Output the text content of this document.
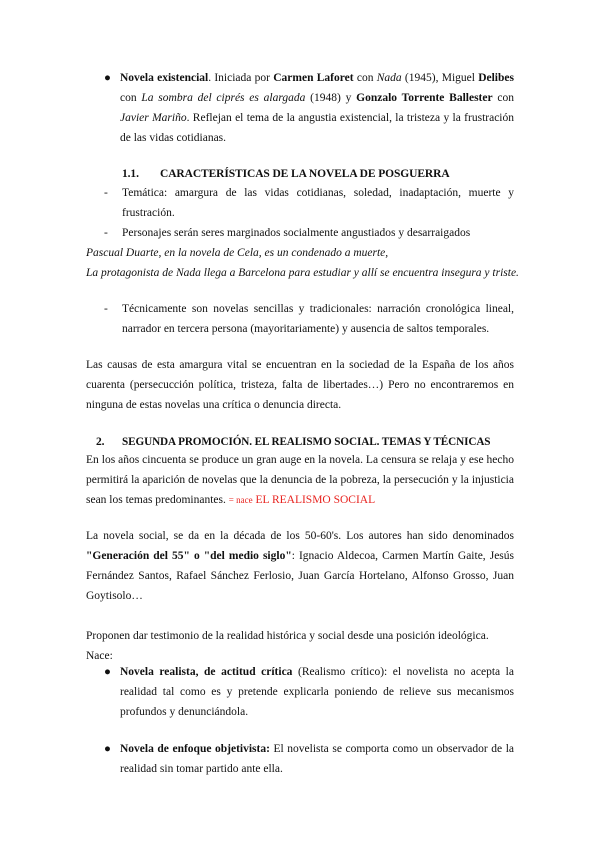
● Novela existencial. Iniciada por Carmen Laforet con Nada (1945), Miguel Delibes con La sombra del ciprés es alargada (1948) y Gonzalo Torrente Ballester con Javier Mariño. Reflejan el tema de la angustia existencial, la tristeza y la frustración de las vidas cotidianas.

1.1. CARACTERÍSTICAS DE LA NOVELA DE POSGUERRA
-	Temática: amargura de las vidas cotidianas, soledad, inadaptación, muerte y frustración.

-	Personajes serán seres marginados socialmente angustiados y desarraigados

Pascual Duarte, en la novela de Cela, es un condenado a muerte,

La protagonista de Nada llega a Barcelona para estudiar y allí se encuentra insegura y triste.

-	Técnicamente son novelas sencillas y tradicionales: narración cronológica lineal, narrador en tercera persona (mayoritariamente) y ausencia de saltos temporales.

Las causas de esta amargura vital se encuentran en la sociedad de la España de los años cuarenta (persecucción política, tristeza, falta de libertades…) Pero no encontraremos en ninguna de estas novelas una crítica o denuncia directa.

2. SEGUNDA PROMOCIÓN. EL REALISMO SOCIAL. TEMAS Y TÉCNICAS

En los años cincuenta se produce un gran auge en la novela. La censura se relaja y ese hecho permitirá la aparición de novelas que la denuncia de la pobreza, la persecución y la injusticia sean los temas predominantes. = nace EL REALISMO SOCIAL

La novela social, se da en la década de los 50-60's. Los autores han sido denominados "Generación del 55" o "del medio siglo": Ignacio Aldecoa, Carmen Martín Gaite, Jesús Fernández Santos, Rafael Sánchez Ferlosio, Juan García Hortelano, Alfonso Grosso, Juan Goytisolo…

Proponen dar testimonio de la realidad histórica y social desde una posición ideológica. Nace:

● Novela realista, de actitud crítica (Realismo crítico): el novelista no acepta la realidad tal como es y pretende explicarla poniendo de relieve sus mecanismos profundos y denunciándola.

● Novela de enfoque objetivista: El novelista se comporta como un observador de la realidad sin tomar partido ante ella.
